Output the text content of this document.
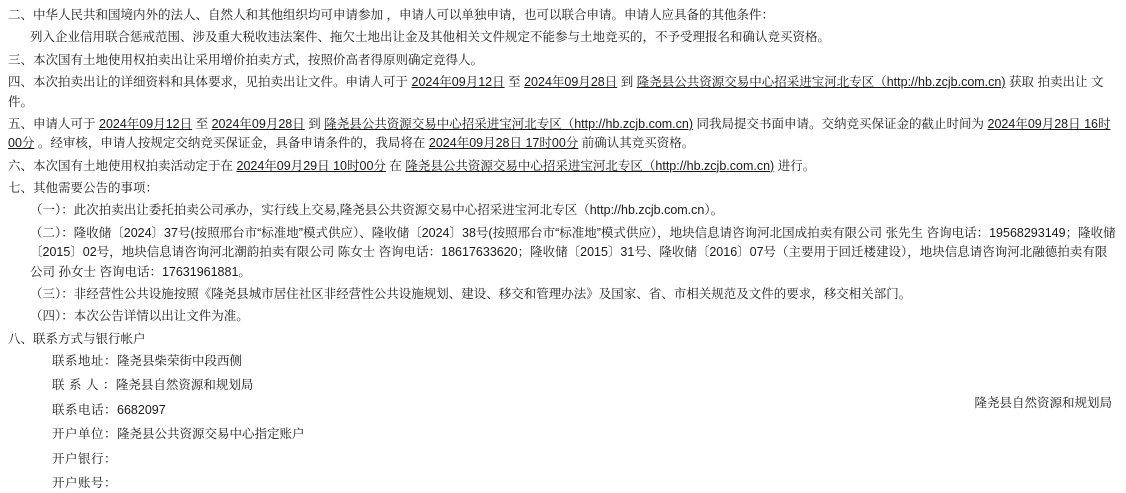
二、中华人民共和国境内外的法人、自然人和其他组织均可申请参加 ，申请人可以单独申请，也可以联合申请。申请人应具备的其他条件：

列入企业信用联合惩戒范围、涉及重大税收违法案件、拖欠土地出让金及其他相关文件规定不能参与土地竞买的，不予受理报名和确认竞买资格。

三、本次国有土地使用权拍卖出让采用增价拍卖方式，按照价高者得原则确定竞得人。

四、本次拍卖出让的详细资料和具体要求，见拍卖出让文件。申请人可于 2024年09月12日 至 2024年09月28日 到 隆尧县公共资源交易中心招采进宝河北专区（http://hb.zcjb.com.cn) 获取 拍卖出让 文件。

五、申请人可于 2024年09月12日 至 2024年09月28日 到 隆尧县公共资源交易中心招采进宝河北专区（http://hb.zcjb.com.cn) 同我局提交书面申请。交纳竞买保证金的截止时间为 2024年09月28日 16时00分 。经审核，申请人按规定交纳竞买保证金，具备申请条件的，我局将在 2024年09月28日 17时00分 前确认其竞买资格。

六、本次国有土地使用权拍卖活动定于在 2024年09月29日 10时00分 在 隆尧县公共资源交易中心招采进宝河北专区（http://hb.zcjb.com.cn) 进行。

七、其他需要公告的事项：

（一）：此次拍卖出让委托拍卖公司承办，实行线上交易,隆尧县公共资源交易中心招采进宝河北专区（http://hb.zcjb.com.cn）。

（二）：隆收储〔2024〕37号(按照邢台市“标准地”模式供应）、隆收储〔2024〕38号(按照邢台市“标准地”模式供应），地块信息请咨询河北国成拍卖有限公司 张先生 咨询电话：19568293149；隆收储〔2015〕02号，地块信息请咨询河北潮韵拍卖有限公司 陈女士 咨询电话：18617633620；隆收储〔2015〕31号、隆收储〔2016〕07号（主要用于回迁楼建设），地块信息请咨询河北融德拍卖有限公司 孙女士 咨询电话：17631961881。

（三）：非经营性公共设施按照《隆尧县城市居住社区非经营性公共设施规划、建设、移交和管理办法》及国家、省、市相关规范及文件的要求，移交相关部门。

（四）：本次公告详情以出让文件为准。

八、联系方式与银行帐户

联系地址：隆尧县柴荣街中段西侧
联 系 人 ：隆尧县自然资源和规划局
联系电话：6682097
开户单位：隆尧县公共资源交易中心指定账户
开户银行：
开户账号：
隆尧县自然资源和规划局
